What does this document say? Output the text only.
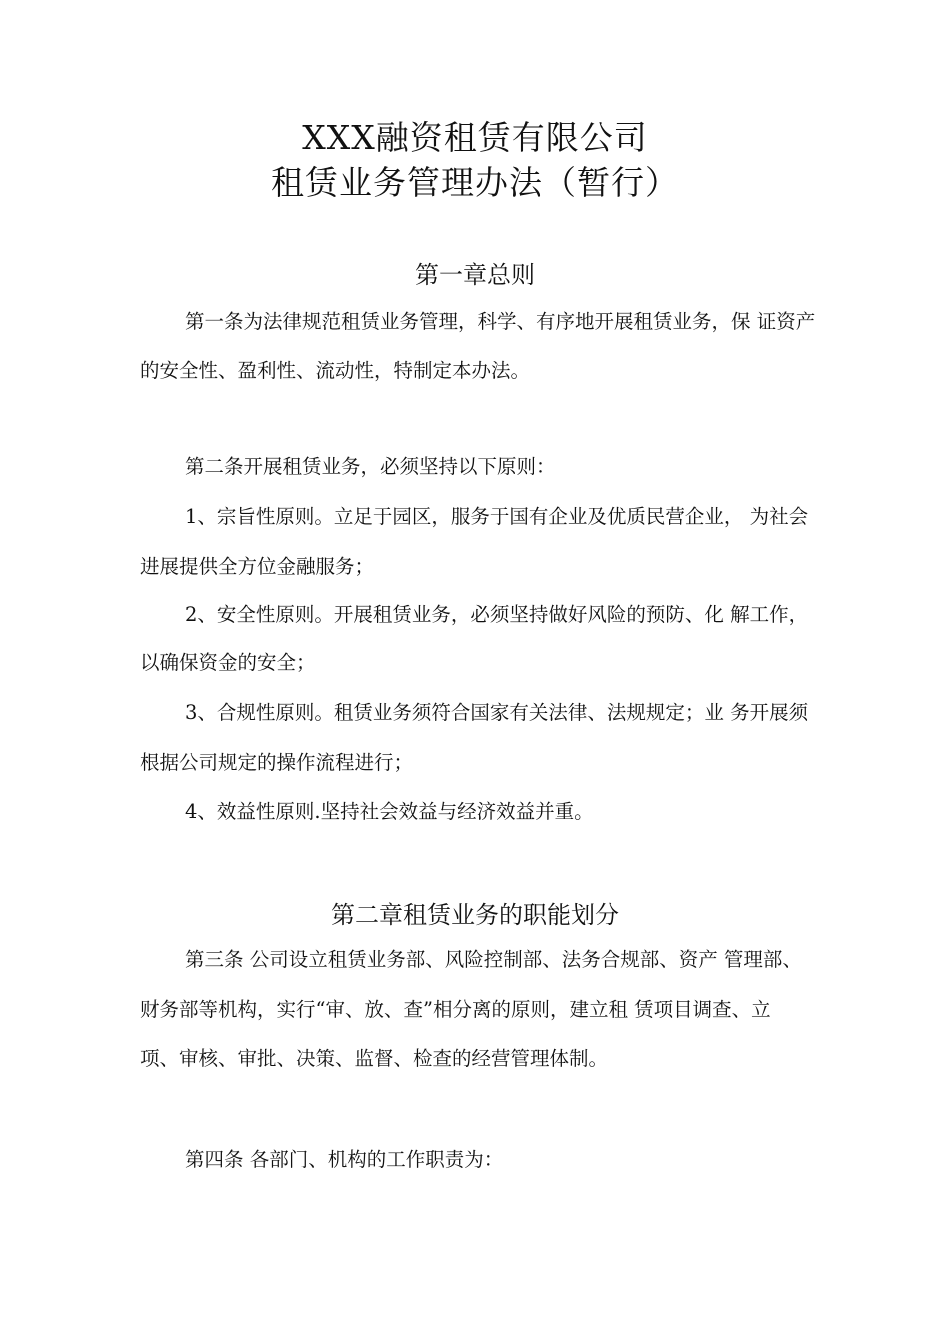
XXX融资租赁有限公司
租赁业务管理办法（暂行）
第一章总则
第一条为法律规范租赁业务管理，科学、有序地开展租赁业务，保 证资产
的安全性、盈利性、流动性，特制定本办法。
第二条开展租赁业务，必须坚持以下原则：
1、宗旨性原则。立足于园区，服务于国有企业及优质民营企业， 为社会
进展提供全方位金融服务；
2、安全性原则。开展租赁业务，必须坚持做好风险的预防、化 解工作，
以确保资金的安全；
3、合规性原则。租赁业务须符合国家有关法律、法规规定；业 务开展须
根据公司规定的操作流程进行；
4、效益性原则.坚持社会效益与经济效益并重。
第二章租赁业务的职能划分
第三条 公司设立租赁业务部、风险控制部、法务合规部、资产 管理部、
财务部等机构，实行“审、放、查”相分离的原则，建立租 赁项目调查、立
项、审核、审批、决策、监督、检查的经营管理体制。
第四条 各部门、机构的工作职责为：
